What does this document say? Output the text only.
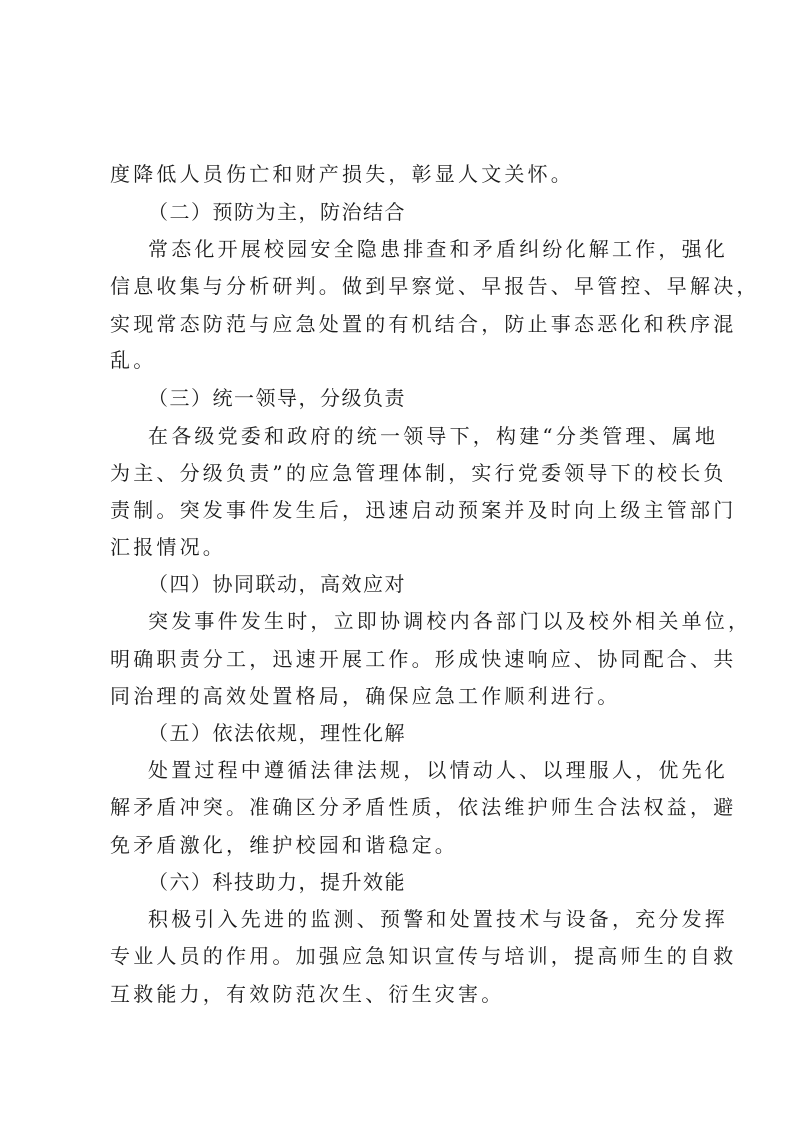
度降低人员伤亡和财产损失，彰显人文关怀。

（二）预防为主，防治结合

常态化开展校园安全隐患排查和矛盾纠纷化解工作，强化

信息收集与分析研判。做到早察觉、早报告、早管控、早解决，

实现常态防范与应急处置的有机结合，防止事态恶化和秩序混

乱。

（三）统一领导，分级负责

在各级党委和政府的统一领导下，构建“分类管理、属地

为主、分级负责”的应急管理体制，实行党委领导下的校长负

责制。突发事件发生后，迅速启动预案并及时向上级主管部门

汇报情况。

（四）协同联动，高效应对

突发事件发生时，立即协调校内各部门以及校外相关单位，

明确职责分工，迅速开展工作。形成快速响应、协同配合、共

同治理的高效处置格局，确保应急工作顺利进行。

（五）依法依规，理性化解

处置过程中遵循法律法规，以情动人、以理服人，优先化

解矛盾冲突。准确区分矛盾性质，依法维护师生合法权益，避

免矛盾激化，维护校园和谐稳定。

（六）科技助力，提升效能

积极引入先进的监测、预警和处置技术与设备，充分发挥

专业人员的作用。加强应急知识宣传与培训，提高师生的自救

互救能力，有效防范次生、衍生灾害。
